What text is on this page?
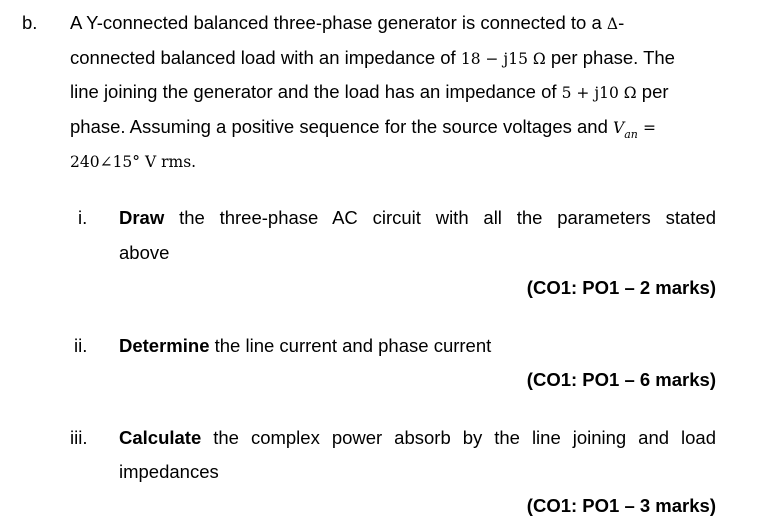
b. A Y-connected balanced three-phase generator is connected to a Δ-
connected balanced load with an impedance of 18 − j15 Ω per phase. The
line joining the generator and the load has an impedance of 5 + j10 Ω per
phase. Assuming a positive sequence for the source voltages and $V_{an}$ =
240∠15° V rms.
i. Draw the three-phase AC circuit with all the parameters stated
above
(CO1: PO1 – 2 marks)
ii. Determine the line current and phase current
(CO1: PO1 – 6 marks)
iii. Calculate the complex power absorb by the line joining and load
impedances
(CO1: PO1 – 3 marks)
